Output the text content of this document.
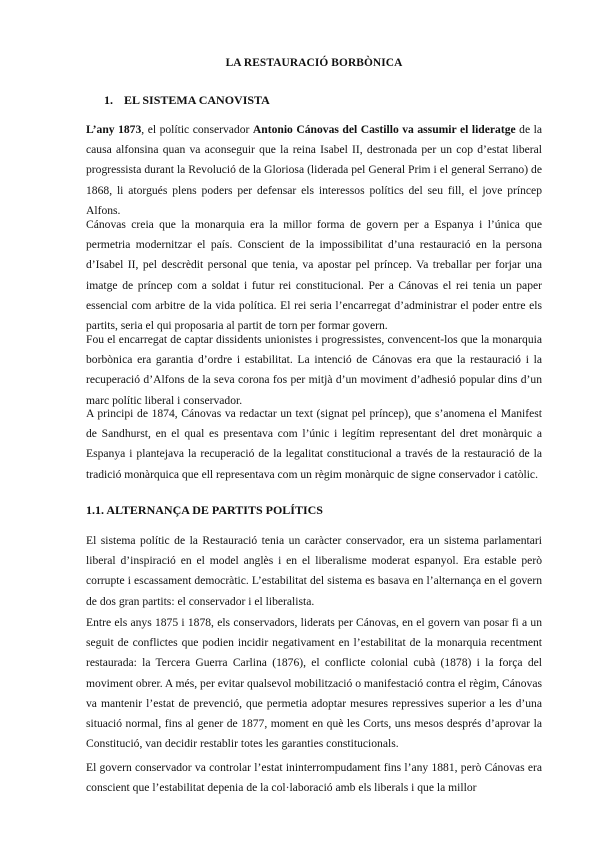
LA RESTAURACIÓ BORBÒNICA
1. EL SISTEMA CANOVISTA

L’any 1873, el polític conservador Antonio Cánovas del Castillo va assumir el lideratge de la causa alfonsina quan va aconseguir que la reina Isabel II, destronada per un cop d’estat liberal progressista durant la Revolució de la Gloriosa (liderada pel General Prim i el general Serrano) de 1868, li atorgués plens poders per defensar els interessos polítics del seu fill, el jove príncep Alfons.

Cánovas creia que la monarquia era la millor forma de govern per a Espanya i l’única que permetria modernitzar el país. Conscient de la impossibilitat d’una restauració en la persona d’Isabel II, pel descrèdit personal que tenia, va apostar pel príncep. Va treballar per forjar una imatge de príncep com a soldat i futur rei constitucional. Per a Cánovas el rei tenia un paper essencial com arbitre de la vida política. El rei seria l’encarregat d’administrar el poder entre els partits, seria el qui proposaria al partit de torn per formar govern.

Fou el encarregat de captar dissidents unionistes i progressistes, convencent-los que la monarquia borbònica era garantia d’ordre i estabilitat. La intenció de Cánovas era que la restauració i la recuperació d’Alfons de la seva corona fos per mitjà d’un moviment d’adhesió popular dins d’un marc polític liberal i conservador.

A principi de 1874, Cánovas va redactar un text (signat pel príncep), que s’anomena el Manifest de Sandhurst, en el qual es presentava com l’únic i legítim representant del dret monàrquic a Espanya i plantejava la recuperació de la legalitat constitucional a través de la restauració de la tradició monàrquica que ell representava com un règim monàrquic de signe conservador i catòlic.

1.1. ALTERNANÇA DE PARTITS POLÍTICS

El sistema polític de la Restauració tenia un caràcter conservador, era un sistema parlamentari liberal d’inspiració en el model anglès i en el liberalisme moderat espanyol. Era estable però corrupte i escassament democràtic. L’estabilitat del sistema es basava en l’alternança en el govern de dos gran partits: el conservador i el liberalista.

Entre els anys 1875 i 1878, els conservadors, liderats per Cánovas, en el govern van posar fi a un seguit de conflictes que podien incidir negativament en l’estabilitat de la monarquia recentment restaurada: la Tercera Guerra Carlina (1876), el conflicte colonial cubà (1878) i la força del moviment obrer. A més, per evitar qualsevol mobilització o manifestació contra el règim, Cánovas va mantenir l’estat de prevenció, que permetia adoptar mesures repressives superior a les d’una situació normal, fins al gener de 1877, moment en què les Corts, uns mesos després d’aprovar la Constitució, van decidir restablir totes les garanties constitucionals.

El govern conservador va controlar l’estat ininterrompudament fins l’any 1881, però Cánovas era conscient que l’estabilitat depenia de la col·laboració amb els liberals i que la millor
